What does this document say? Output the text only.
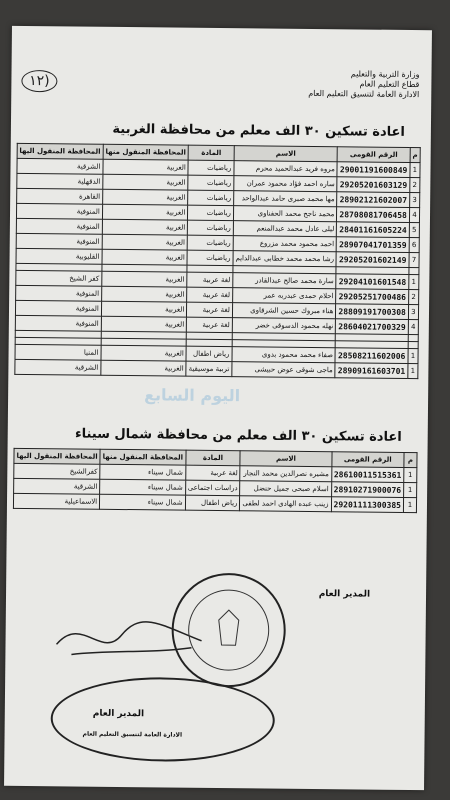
(١٢	وزارة التربية والتعليم
قطاع التعليم العام
الادارة العامة لتنسيق التعليم العام
اعادة تسكين ٣٠ الف معلم من محافظة الغربية
م	الرقم القومى	الاسم	المادة	المحافظة المنقول منها	المحافظة المنقول اليها
1	29001191600849	مروه فريد عبدالحميد محرم	رياضيات	الغربية	الشرقية
2	29205201603129	ساره احمد فؤاد محمود عمران	رياضيات	الغربية	الدقهلية
3	28902121602007	مها محمد صبرى حامد عبدالواحد	رياضيات	الغربية	القاهرة
4	28708081706458	محمد ناجح محمد الحفناوى	رياضيات	الغربية	المنوفية
5	28401161605224	ليلى عادل محمد عبدالمنعم	رياضيات	الغربية	المنوفية
6	28907041701359	احمد محمود محمد مزروع	رياضيات	الغربية	المنوفية
7	29205201602149	رشا محمد محمد خطابى عبدالدايم	رياضيات	الغربية	القليوبية

1	29204101601548	سارة محمد صالح عبدالقادر	لغة عربية	الغربية	كفر الشيخ
2	29205251700486	احلام حمدى عبدربه عمر	لغة عربية	الغربية	المنوفية
3	28809191700308	هناء مبروك حسين الشرقاوى	لغة عربية	الغربية	المنوفية
4	28604021700329	نهله محمود الدسوقى خضر	لغة عربية	الغربية	المنوفية

1	28508211602006	صفاء محمد محمود بدوى	رياض اطفال	الغربية	المنيا
1	28909161603701	ماجى شوقى عوض حبيشى	تربية موسيقية	الغربية	الشرقية
اليوم السابع
اعادة تسكين ٣٠ الف معلم من محافظة شمال سيناء
م	الرقم القومى	الاسم	المادة	المحافظة المنقول منها	المحافظة المنقول اليها
1	28610011515361	مشيره نصرالدين محمد النجار	لغة عربية	شمال سيناء	كفرالشيخ
1	28910271900076	اسلام صبحى جميل حنضل	دراسات اجتماعى	شمال سيناء	الشرقية
1	29201111300385	زينب عبده الهادى احمد لطفى	رياض اطفال	شمال سيناء	الاسماعيلية
المدير العام
المدير العام
الادارة العامة لتنسيق التعليم العام
